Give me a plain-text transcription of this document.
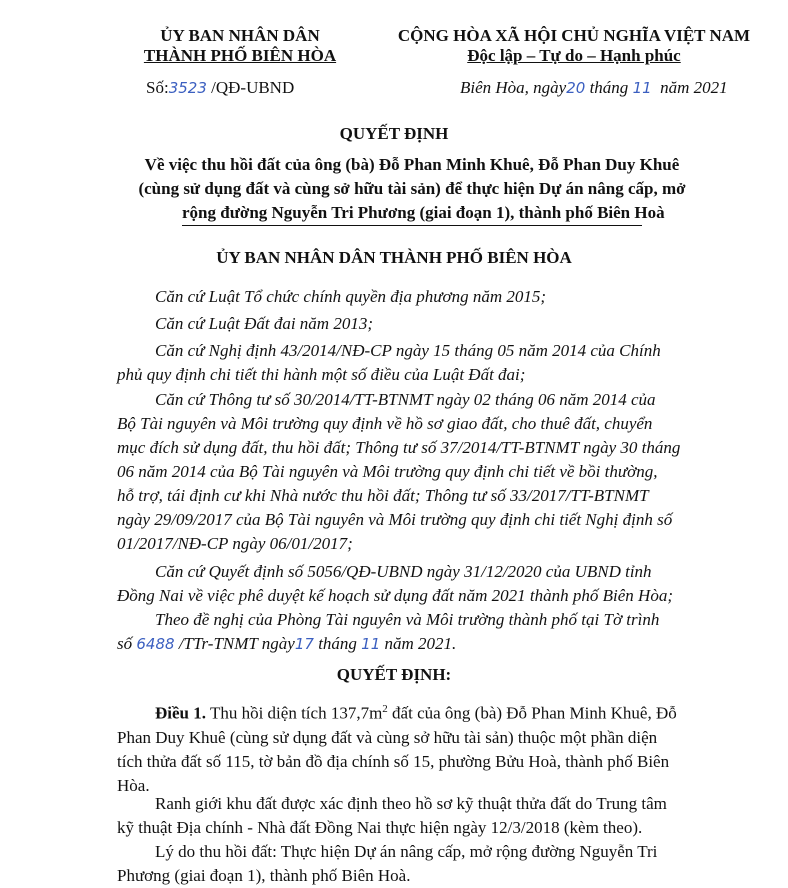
ỦY BAN NHÂN DÂN

THÀNH PHỐ BIÊN HÒA

CỘNG HÒA XÃ HỘI CHỦ NGHĨA VIỆT NAM

Độc lập – Tự do – Hạnh phúc

Số:3523 /QĐ-UBND	Biên Hòa, ngày20 tháng 11 năm 2021
QUYẾT ĐỊNH
Về việc thu hồi đất của ông (bà) Đỗ Phan Minh Khuê, Đỗ Phan Duy Khuê
(cùng sử dụng đất và cùng sở hữu tài sản) để thực hiện Dự án nâng cấp, mở
rộng đường Nguyễn Tri Phương (giai đoạn 1), thành phố Biên Hoà
ỦY BAN NHÂN DÂN THÀNH PHỐ BIÊN HÒA
Căn cứ Luật Tổ chức chính quyền địa phương năm 2015;
Căn cứ Luật Đất đai năm 2013;
Căn cứ Nghị định 43/2014/NĐ-CP ngày 15 tháng 05 năm 2014 của Chính
phủ quy định chi tiết thi hành một số điều của Luật Đất đai;
Căn cứ Thông tư số 30/2014/TT-BTNMT ngày 02 tháng 06 năm 2014 của
Bộ Tài nguyên và Môi trường quy định về hồ sơ giao đất, cho thuê đất, chuyển
mục đích sử dụng đất, thu hồi đất; Thông tư số 37/2014/TT-BTNMT ngày 30 tháng
06 năm 2014 của Bộ Tài nguyên và Môi trường quy định chi tiết về bồi thường,
hỗ trợ, tái định cư khi Nhà nước thu hồi đất; Thông tư số 33/2017/TT-BTNMT
ngày 29/09/2017 của Bộ Tài nguyên và Môi trường quy định chi tiết Nghị định số
01/2017/NĐ-CP ngày 06/01/2017;
Căn cứ Quyết định số 5056/QĐ-UBND ngày 31/12/2020 của UBND tỉnh
Đồng Nai về việc phê duyệt kế hoạch sử dụng đất năm 2021 thành phố Biên Hòa;
Theo đề nghị của Phòng Tài nguyên và Môi trường thành phố tại Tờ trình
số 6488 /TTr-TNMT ngày17 tháng 11 năm 2021.
QUYẾT ĐỊNH:
Điều 1. Thu hồi diện tích $137,7m^2$ đất của ông (bà) Đỗ Phan Minh Khuê, Đỗ
Phan Duy Khuê (cùng sử dụng đất và cùng sở hữu tài sản) thuộc một phần diện
tích thửa đất số 115, tờ bản đồ địa chính số 15, phường Bửu Hoà, thành phố Biên
Hòa.
Ranh giới khu đất được xác định theo hồ sơ kỹ thuật thửa đất do Trung tâm
kỹ thuật Địa chính - Nhà đất Đồng Nai thực hiện ngày 12/3/2018 (kèm theo).
Lý do thu hồi đất: Thực hiện Dự án nâng cấp, mở rộng đường Nguyễn Tri
Phương (giai đoạn 1), thành phố Biên Hoà.
